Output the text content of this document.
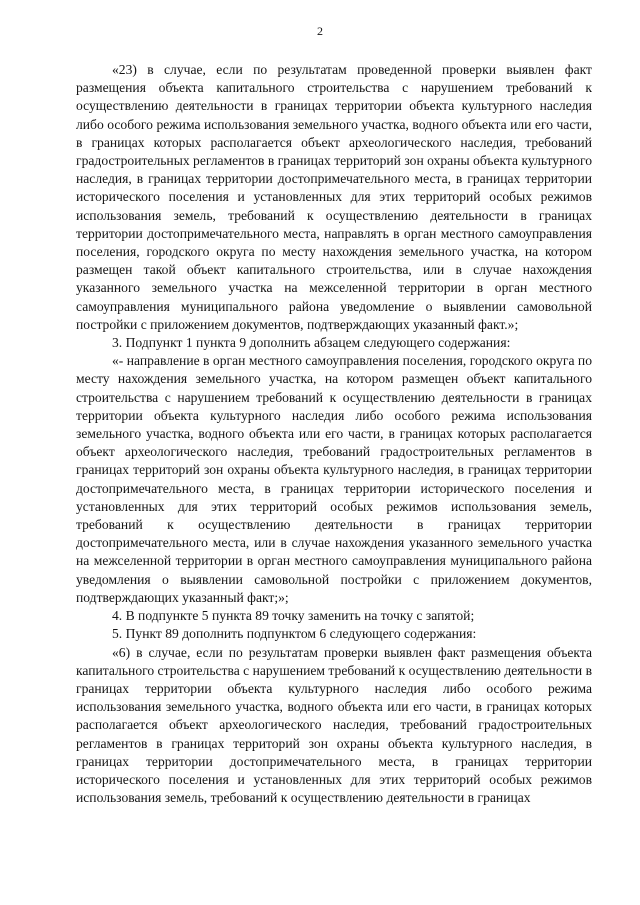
2

«23) в случае, если по результатам проведенной проверки выявлен факт размещения объекта капитального строительства с нарушением требований к осуществлению деятельности в границах территории объекта культурного наследия либо особого режима использования земельного участка, водного объекта или его части, в границах которых располагается объект археологического наследия, требований градостроительных регламентов в границах территорий зон охраны объекта культурного наследия, в границах территории достопримечательного места, в границах территории исторического поселения и установленных для этих территорий особых режимов использования земель, требований к осуществлению деятельности в границах территории достопримечательного места, направлять в орган местного самоуправления поселения, городского округа по месту нахождения земельного участка, на котором размещен такой объект капитального строительства, или в случае нахождения указанного земельного участка на межселенной территории в орган местного самоуправления муниципального района уведомление о выявлении самовольной постройки с приложением документов, подтверждающих указанный факт.»;

3. Подпункт 1 пункта 9 дополнить абзацем следующего содержания:

«- направление в орган местного самоуправления поселения, городского округа по месту нахождения земельного участка, на котором размещен объект капитального строительства с нарушением требований к осуществлению деятельности в границах территории объекта культурного наследия либо особого режима использования земельного участка, водного объекта или его части, в границах которых располагается объект археологического наследия, требований градостроительных регламентов в границах территорий зон охраны объекта культурного наследия, в границах территории достопримечательного места, в границах территории исторического поселения и установленных для этих территорий особых режимов использования земель, требований к осуществлению деятельности в границах территории достопримечательного места, или в случае нахождения указанного земельного участка на межселенной территории в орган местного самоуправления муниципального района уведомления о выявлении самовольной постройки с приложением документов, подтверждающих указанный факт;»;

4. В подпункте 5 пункта 89 точку заменить на точку с запятой;

5. Пункт 89 дополнить подпунктом 6 следующего содержания:

«6) в случае, если по результатам проверки выявлен факт размещения объекта капитального строительства с нарушением требований к осуществлению деятельности в границах территории объекта культурного наследия либо особого режима использования земельного участка, водного объекта или его части, в границах которых располагается объект археологического наследия, требований градостроительных регламентов в границах территорий зон охраны объекта культурного наследия, в границах территории достопримечательного места, в границах территории исторического поселения и установленных для этих территорий особых режимов использования земель, требований к осуществлению деятельности в границах
